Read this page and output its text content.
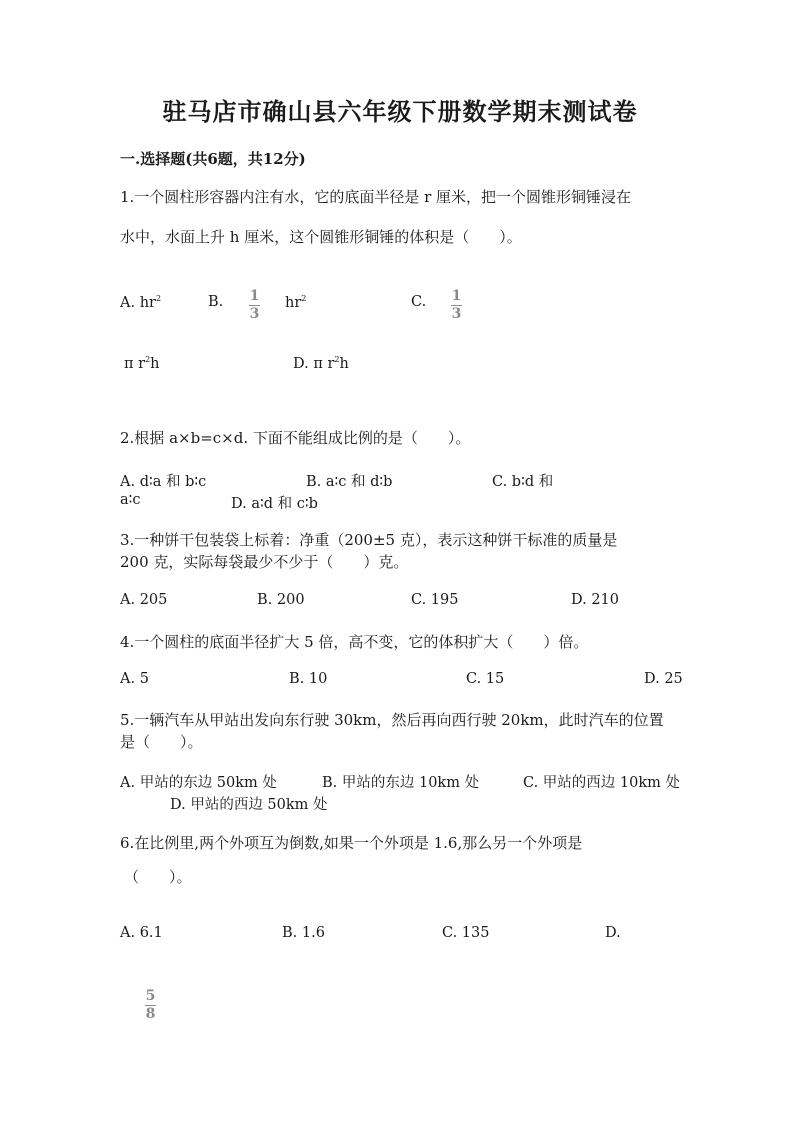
驻马店市确山县六年级下册数学期末测试卷
一.选择题(共6题，共12分)
1.一个圆柱形容器内注有水，它的底面半径是 r 厘米，把一个圆锥形铜锤浸在
水中，水面上升 h 厘米，这个圆锥形铜锤的体积是（　　）。
A. $hr^2$	B. 1
3
$hr^2$	C. 1
3
π $r^2h$	D. π $r^2h$
2.根据 a×b=c×d. 下面不能组成比例的是（　　）。
A. d∶a 和 b∶c	B. a∶c 和 d∶b	C. b∶d 和
a∶c	D. a∶d 和 c∶b
3.一种饼干包装袋上标着：净重（200±5 克），表示这种饼干标准的质量是
200 克，实际每袋最少不少于（　　）克。
A. 205	B. 200	C. 195	D. 210
4.一个圆柱的底面半径扩大 5 倍，高不变，它的体积扩大（　　）倍。
A. 5	B. 10	C. 15	D. 25
5.一辆汽车从甲站出发向东行驶 30km，然后再向西行驶 20km，此时汽车的位置
是（　　）。
A. 甲站的东边 50km 处	B. 甲站的东边 10km 处	C. 甲站的西边 10km 处
D. 甲站的西边 50km 处
6.在比例里,两个外项互为倒数,如果一个外项是 1.6,那么另一个外项是
（　　）。
A. 6.1	B. 1.6	C. 135	D.
5
8
